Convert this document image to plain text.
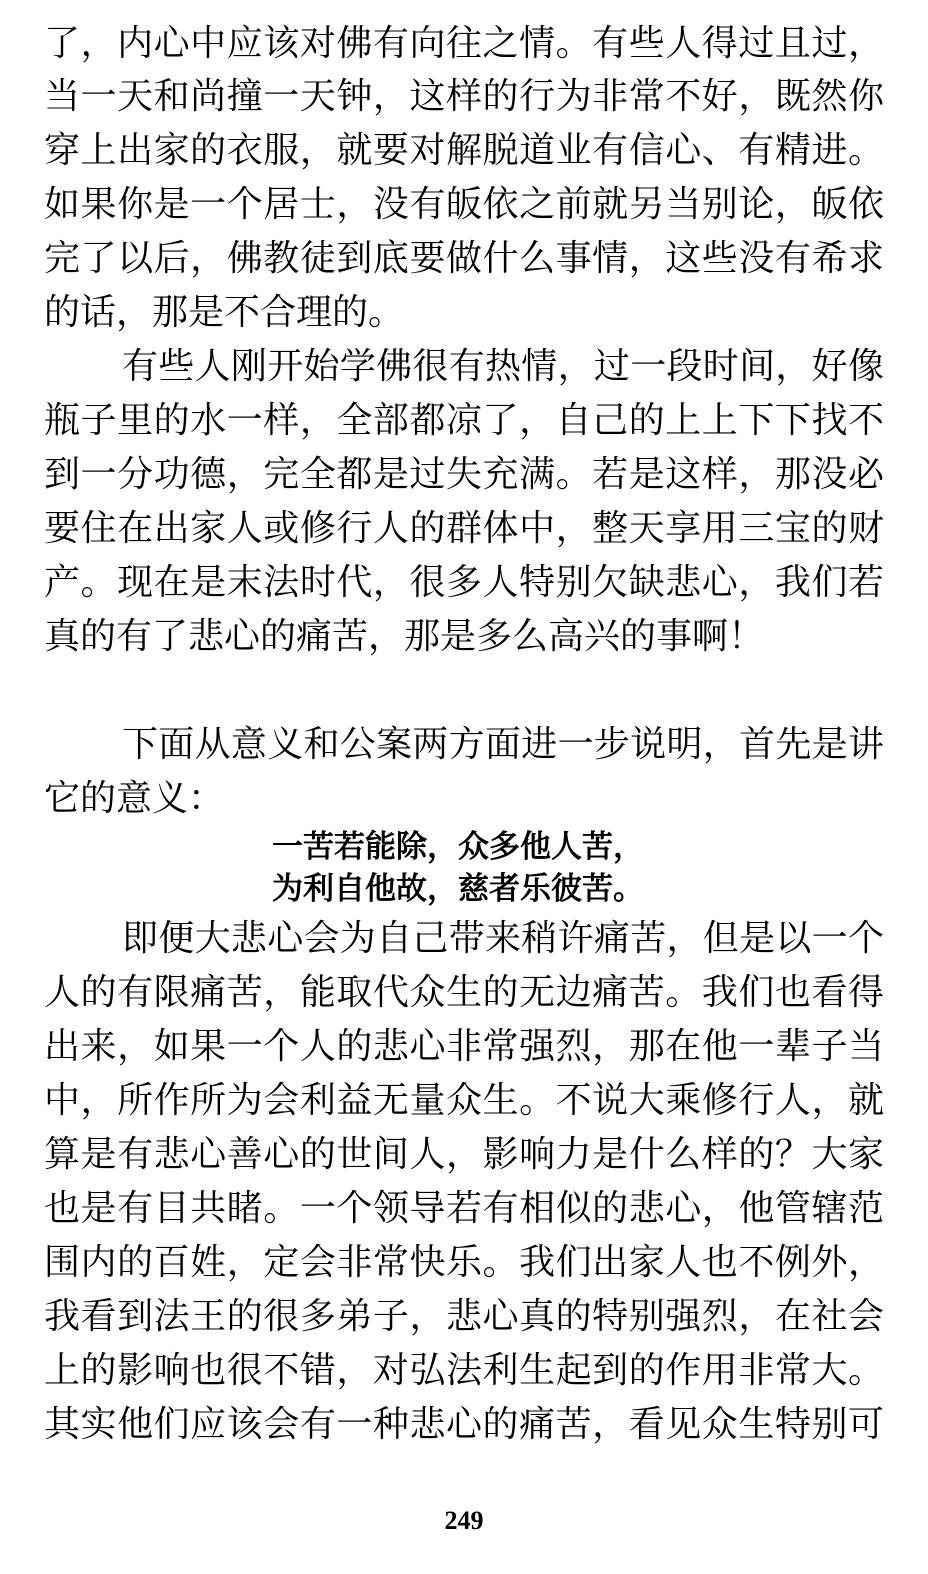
了，内心中应该对佛有向往之情。有些人得过且过，
当一天和尚撞一天钟，这样的行为非常不好，既然你
穿上出家的衣服，就要对解脱道业有信心、有精进。
如果你是一个居士，没有皈依之前就另当别论，皈依
完了以后，佛教徒到底要做什么事情，这些没有希求
的话，那是不合理的。
有些人刚开始学佛很有热情，过一段时间，好像
瓶子里的水一样，全部都凉了，自己的上上下下找不
到一分功德，完全都是过失充满。若是这样，那没必
要住在出家人或修行人的群体中，整天享用三宝的财
产。现在是末法时代，很多人特别欠缺悲心，我们若
真的有了悲心的痛苦，那是多么高兴的事啊！
下面从意义和公案两方面进一步说明，首先是讲
它的意义：
一苦若能除，众多他人苦，
为利自他故，慈者乐彼苦。
即便大悲心会为自己带来稍许痛苦，但是以一个
人的有限痛苦，能取代众生的无边痛苦。我们也看得
出来，如果一个人的悲心非常强烈，那在他一辈子当
中，所作所为会利益无量众生。不说大乘修行人，就
算是有悲心善心的世间人，影响力是什么样的？大家
也是有目共睹。一个领导若有相似的悲心，他管辖范
围内的百姓，定会非常快乐。我们出家人也不例外，
我看到法王的很多弟子，悲心真的特别强烈，在社会
上的影响也很不错，对弘法利生起到的作用非常大。
其实他们应该会有一种悲心的痛苦，看见众生特别可
249
